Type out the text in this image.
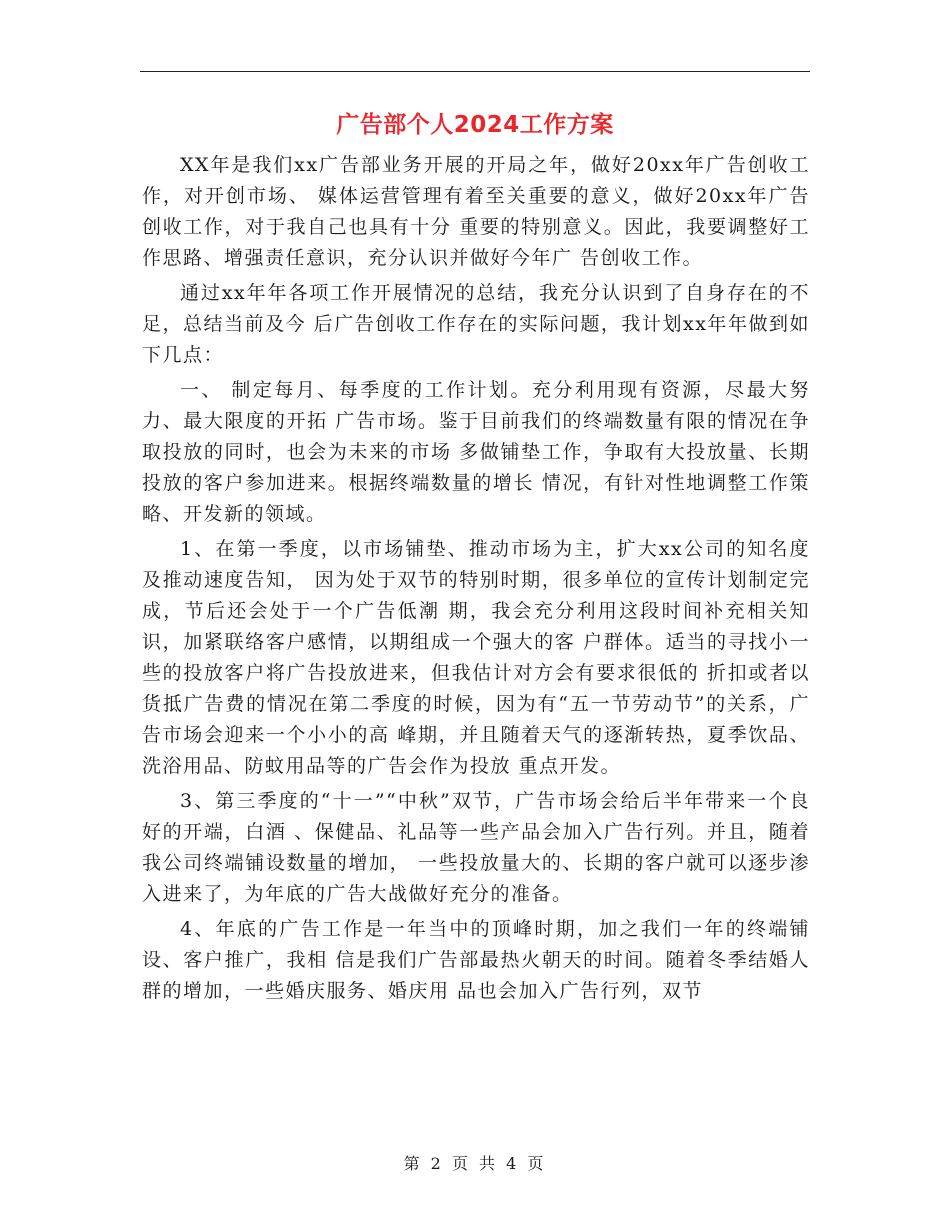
广告部个人2024工作方案

XX年是我们xx广告部业务开展的开局之年，做好20xx年广告创收工作，对开创市场、 媒体运营管理有着至关重要的意义，做好20xx年广告创收工作，对于我自己也具有十分 重要的特别意义。因此，我要调整好工作思路、增强责任意识，充分认识并做好今年广 告创收工作。

通过xx年年各项工作开展情况的总结，我充分认识到了自身存在的不足，总结当前及今 后广告创收工作存在的实际问题，我计划xx年年做到如下几点：

一、 制定每月、每季度的工作计划。充分利用现有资源，尽最大努力、最大限度的开拓 广告市场。鉴于目前我们的终端数量有限的情况在争取投放的同时，也会为未来的市场 多做铺垫工作，争取有大投放量、长期投放的客户参加进来。根据终端数量的增长 情况，有针对性地调整工作策略、开发新的领域。

1、在第一季度，以市场铺垫、推动市场为主，扩大xx公司的知名度及推动速度告知， 因为处于双节的特别时期，很多单位的宣传计划制定完成，节后还会处于一个广告低潮 期，我会充分利用这段时间补充相关知识，加紧联络客户感情，以期组成一个强大的客 户群体。适当的寻找小一些的投放客户将广告投放进来，但我估计对方会有要求很低的 折扣或者以货抵广告费的情况在第二季度的时候，因为有“五一节劳动节”的关系，广告市场会迎来一个小小的高 峰期，并且随着天气的逐渐转热，夏季饮品、洗浴用品、防蚊用品等的广告会作为投放 重点开发。

3、第三季度的“十一”“中秋”双节，广告市场会给后半年带来一个良好的开端，白酒 、保健品、礼品等一些产品会加入广告行列。并且，随着我公司终端铺设数量的增加， 一些投放量大的、长期的客户就可以逐步渗入进来了，为年底的广告大战做好充分的准备。

4、年底的广告工作是一年当中的顶峰时期，加之我们一年的终端铺设、客户推广，我相 信是我们广告部最热火朝天的时间。随着冬季结婚人群的增加，一些婚庆服务、婚庆用 品也会加入广告行列，双节

第 2 页 共 4 页
